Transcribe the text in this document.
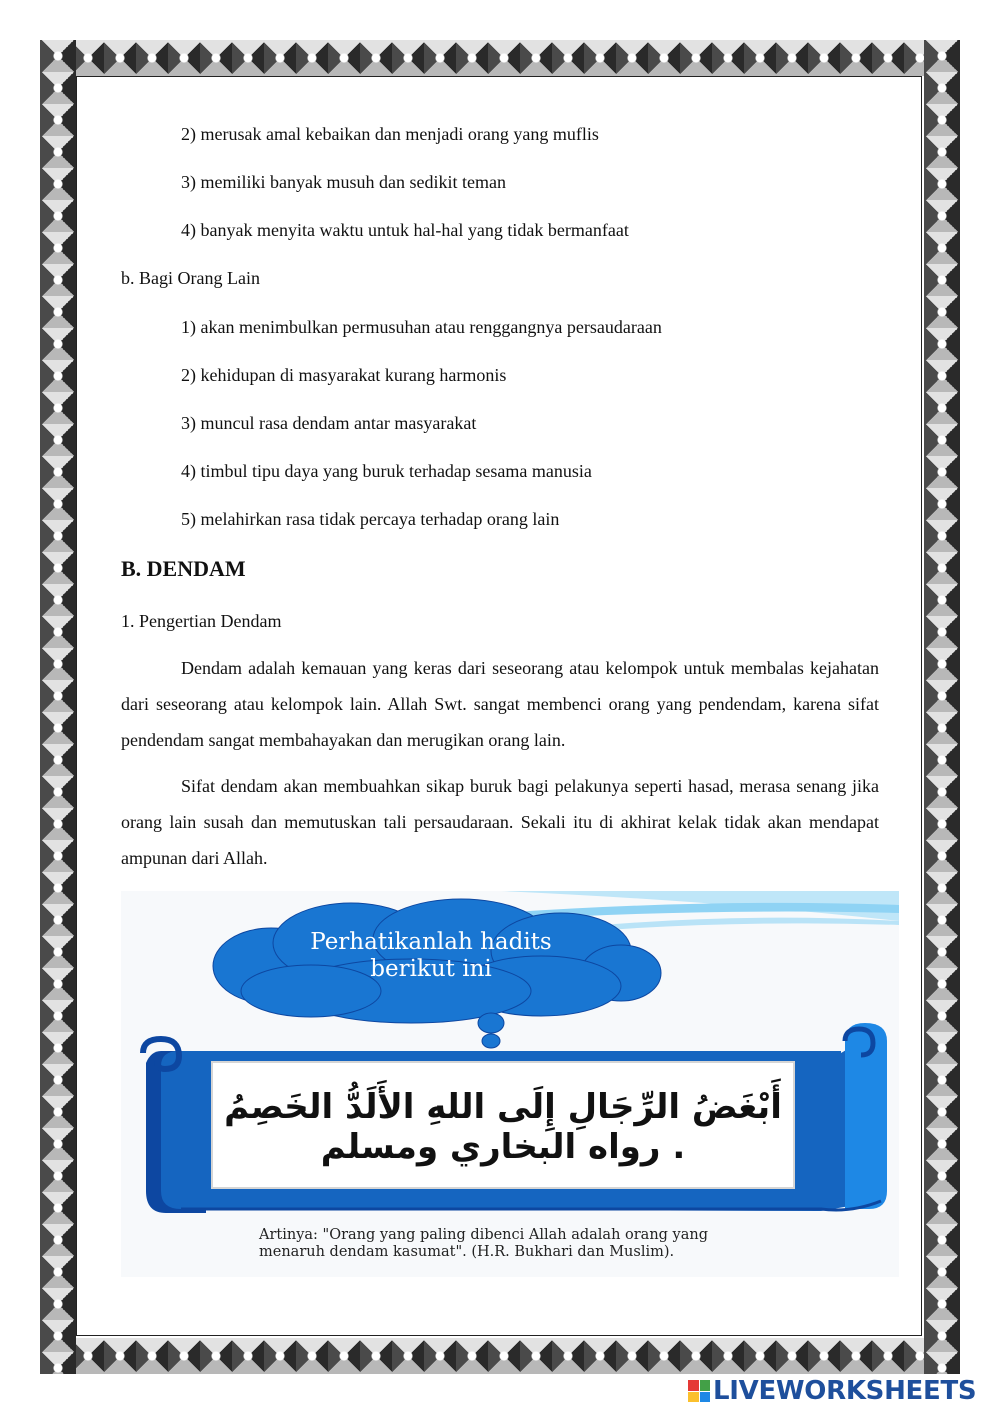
2) merusak amal kebaikan dan menjadi orang yang muflis
3) memiliki banyak musuh dan sedikit teman
4) banyak menyita waktu untuk hal-hal yang tidak bermanfaat
b. Bagi Orang Lain
1) akan menimbulkan permusuhan atau renggangnya persaudaraan
2) kehidupan di masyarakat kurang harmonis
3) muncul rasa dendam antar masyarakat
4) timbul tipu daya yang buruk terhadap sesama manusia
5) melahirkan rasa tidak percaya terhadap orang lain
B. DENDAM
1. Pengertian Dendam
Dendam adalah kemauan yang keras dari seseorang atau kelompok untuk membalas kejahatan dari seseorang atau kelompok lain. Allah Swt. sangat membenci orang yang pendendam, karena sifat pendendam sangat membahayakan dan merugikan orang lain.
Sifat dendam akan membuahkan sikap buruk bagi pelakunya seperti hasad, merasa senang jika orang lain susah dan memutuskan tali persaudaraan. Sekali itu di akhirat kelak tidak akan mendapat ampunan dari Allah.
Perhatikanlah hadits
berikut ini
أَبْغَضُ الرِّجَالِ إِلَى اللهِ الأَلَدُّ الخَصِمُ . رواه البخاري ومسلم
Artinya: "Orang yang paling dibenci Allah adalah orang yang
menaruh dendam kasumat". (H.R. Bukhari dan Muslim).
LIVEWORKSHEETS
